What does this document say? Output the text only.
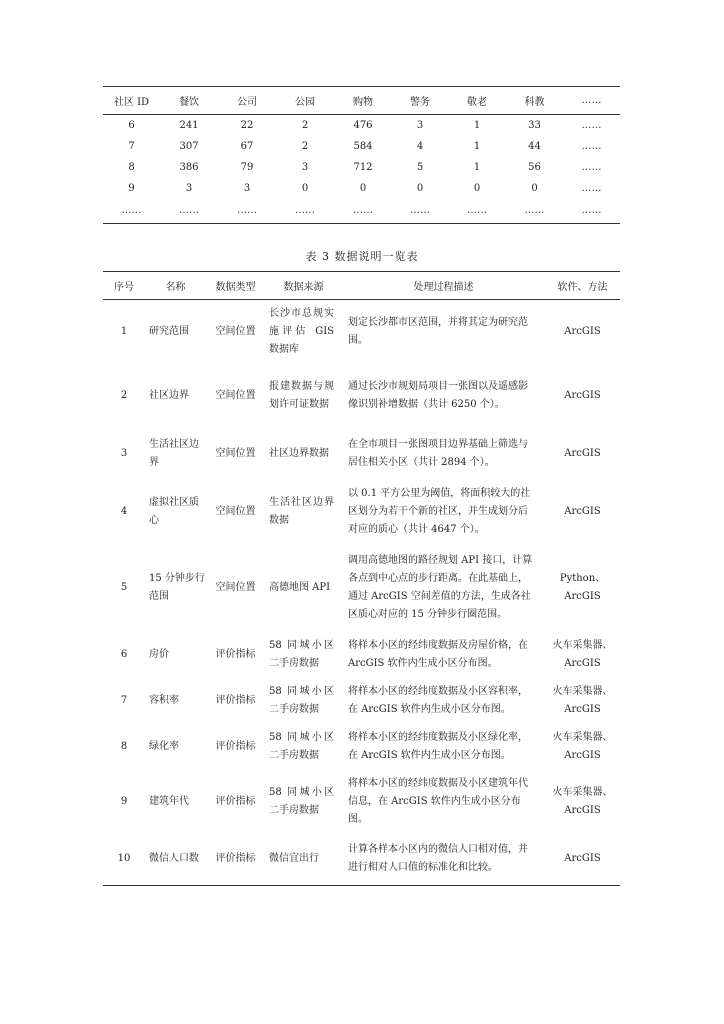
社区 ID	餐饮	公司	公园	购物	警务	敬老	科教	……
6	241	22	2	476	3	1	33	……
7	307	67	2	584	4	1	44	……
8	386	79	3	712	5	1	56	……
9	3	3	0	0	0	0	0	……
……	……	……	……	……	……	……	……	……
表 3 数据说明一览表
序号	名称	数据类型	数据来源	处理过程描述	软件、方法
1	研究范围	空间位置	长沙市总规实施评估 GIS 数据库	划定长沙都市区范围，并将其定为研究范围。	ArcGIS
2	社区边界	空间位置	报建数据与规划许可证数据	通过长沙市规划局项目一张图以及遥感影像识别补增数据（共计 6250 个）。	ArcGIS
3	生活社区边界	空间位置	社区边界数据	在全市项目一张图项目边界基础上筛选与居住相关小区（共计 2894 个）。	ArcGIS
4	虚拟社区质心	空间位置	生活社区边界数据	以 0.1 平方公里为阈值，将面积较大的社区划分为若干个新的社区，并生成划分后对应的质心（共计 4647 个）。	ArcGIS
5	15 分钟步行范围	空间位置	高德地图 API	调用高德地图的路径规划 API 接口，计算各点到中心点的步行距离。在此基础上，通过 ArcGIS 空间差值的方法，生成各社区质心对应的 15 分钟步行圈范围。	Python、ArcGIS
6	房价	评价指标	58 同城小区二手房数据	将样本小区的经纬度数据及房屋价格，在 ArcGIS 软件内生成小区分布图。	火车采集器、ArcGIS
7	容积率	评价指标	58 同城小区二手房数据	将样本小区的经纬度数据及小区容积率，在 ArcGIS 软件内生成小区分布图。	火车采集器、ArcGIS
8	绿化率	评价指标	58 同城小区二手房数据	将样本小区的经纬度数据及小区绿化率，在 ArcGIS 软件内生成小区分布图。	火车采集器、ArcGIS
9	建筑年代	评价指标	58 同城小区二手房数据	将样本小区的经纬度数据及小区建筑年代信息，在 ArcGIS 软件内生成小区分布图。	火车采集器、ArcGIS
10	微信人口数	评价指标	微信宜出行	计算各样本小区内的微信人口相对值，并进行相对人口值的标准化和比较。	ArcGIS
